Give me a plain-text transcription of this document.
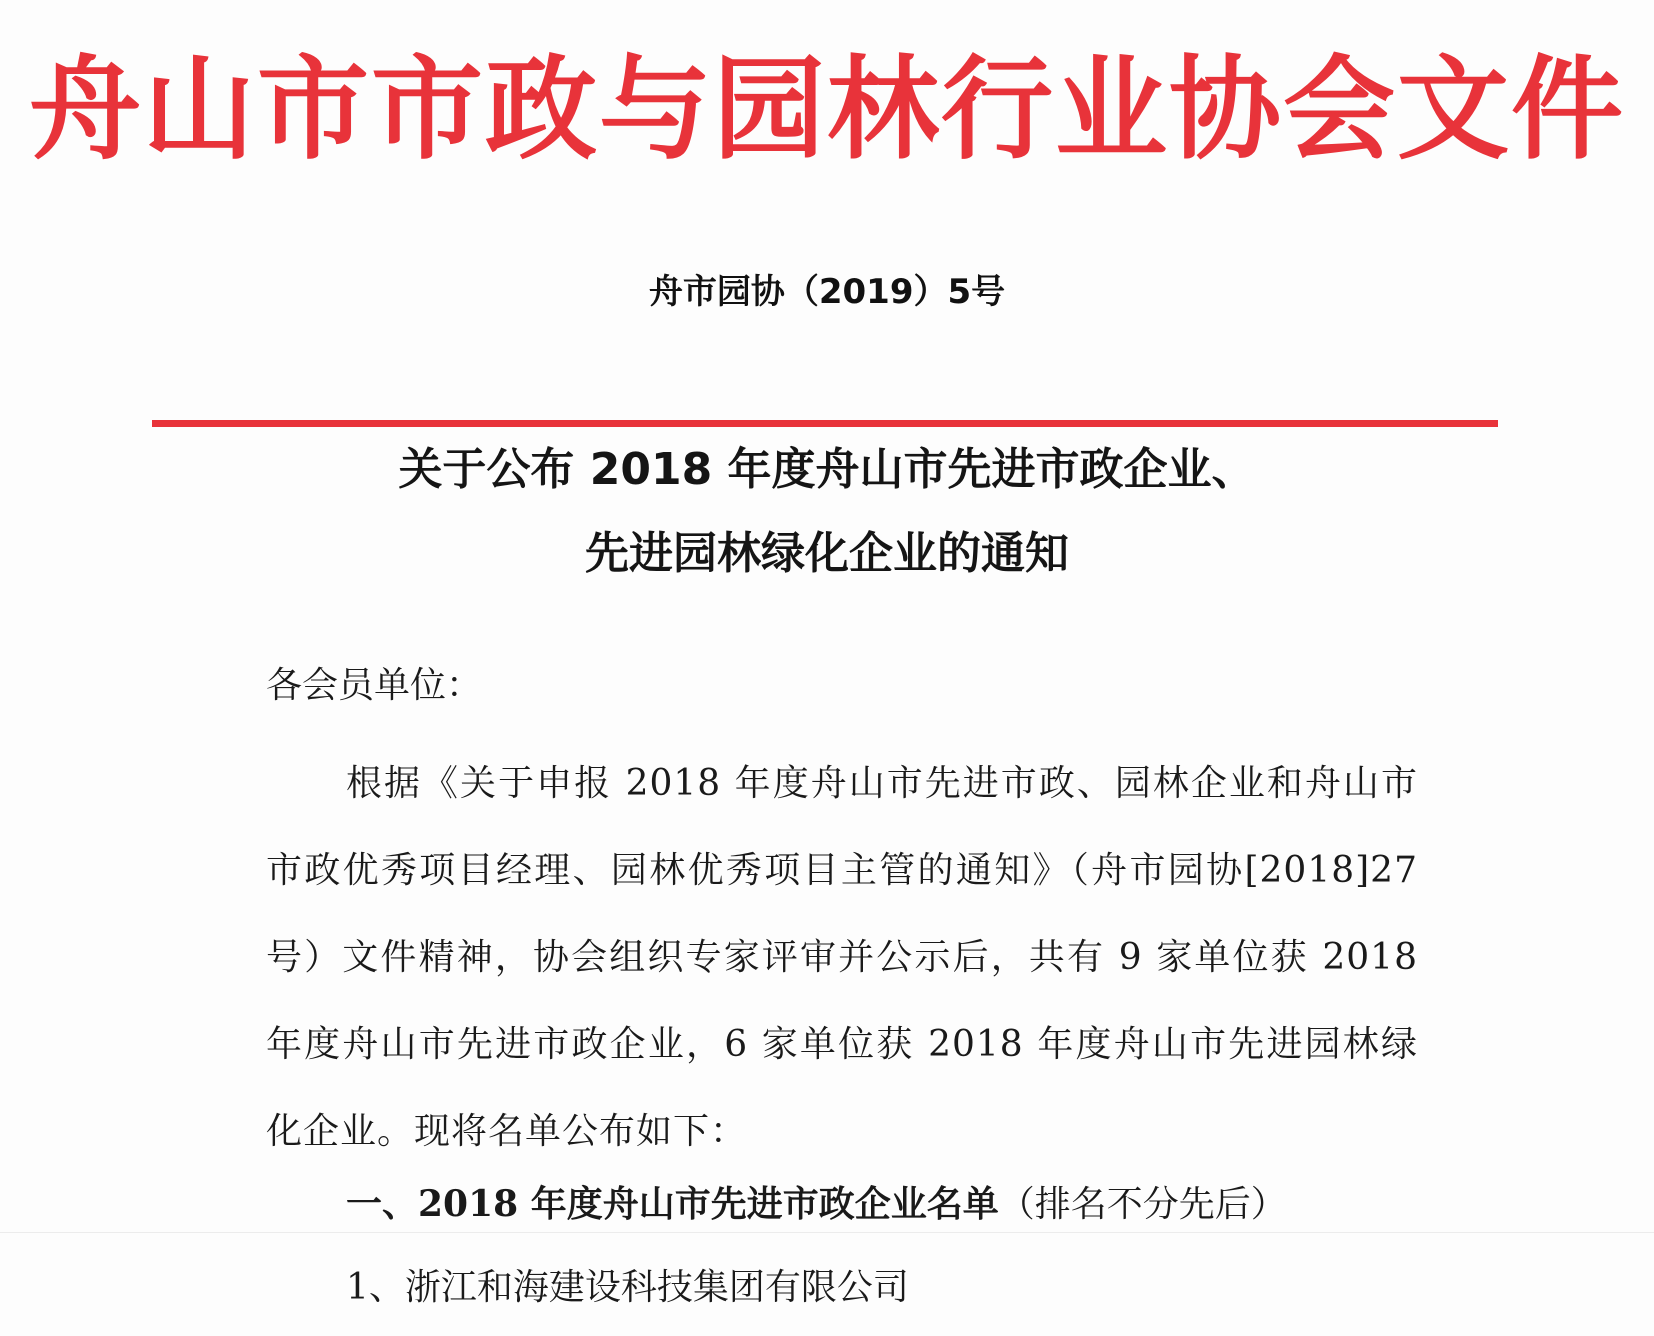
舟山市市政与园林行业协会文件
舟市园协（2019）5号
关于公布 2018 年度舟山市先进市政企业、
先进园林绿化企业的通知
各会员单位：
根据《关于申报 2018 年度舟山市先进市政、园林企业和舟山市市政优秀项目经理、园林优秀项目主管的通知》（舟市园协[2018]27号）文件精神，协会组织专家评审并公示后，共有 9 家单位获 2018 年度舟山市先进市政企业，6 家单位获 2018 年度舟山市先进园林绿化企业。现将名单公布如下：
一、2018 年度舟山市先进市政企业名单（排名不分先后）
1、浙江和海建设科技集团有限公司
